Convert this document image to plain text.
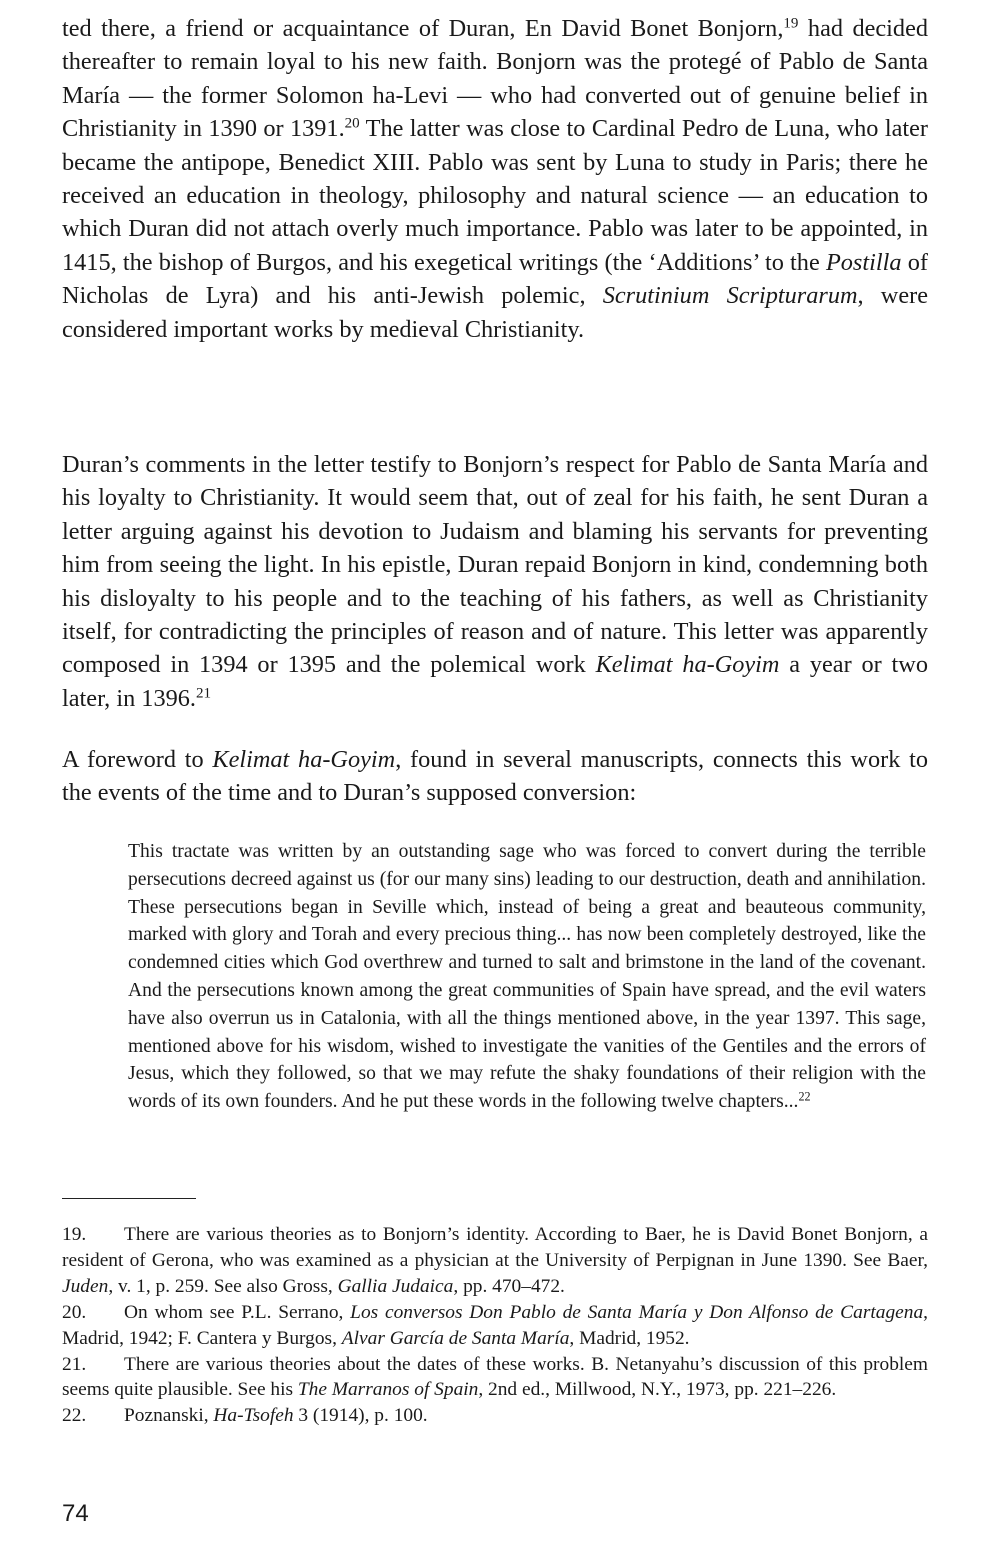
ted there, a friend or acquaintance of Duran, En David Bonet Bonjorn,$^{19}$ had decided thereafter to remain loyal to his new faith. Bonjorn was the protegé of Pablo de Santa María — the former Solomon ha-Levi — who had converted out of genuine belief in Christianity in 1390 or 1391.20 The latter was close to Cardinal Pedro de Luna, who later became the antipope, Benedict XIII. Pablo was sent by Luna to study in Paris; there he received an education in theology, philosophy and natural science — an education to which Duran did not attach overly much importance. Pablo was later to be appointed, in 1415, the bishop of Burgos, and his exegetical writings (the ‘Additions’ to the Postilla of Nicholas de Lyra) and his anti-Jewish polemic, Scrutinium Scripturarum, were considered important works by medieval Christianity.

Duran’s comments in the letter testify to Bonjorn’s respect for Pablo de Santa María and his loyalty to Christianity. It would seem that, out of zeal for his faith, he sent Duran a letter arguing against his devotion to Judaism and blaming his servants for preventing him from seeing the light. In his epistle, Duran repaid Bonjorn in kind, condemning both his disloyalty to his people and to the teaching of his fathers, as well as Christianity itself, for contradicting the principles of reason and of nature. This letter was apparently composed in 1394 or 1395 and the polemical work Kelimat ha-Goyim a year or two later, in 1396.21

A foreword to Kelimat ha-Goyim, found in several manuscripts, connects this work to the events of the time and to Duran’s supposed conversion:

This tractate was written by an outstanding sage who was forced to convert during the terrible persecutions decreed against us (for our many sins) leading to our destruction, death and annihilation. These persecutions began in Seville which, instead of being a great and beauteous community, marked with glory and Torah and every precious thing... has now been completely destroyed, like the condemned cities which God overthrew and turned to salt and brimstone in the land of the covenant. And the persecutions known among the great communities of Spain have spread, and the evil waters have also overrun us in Catalonia, with all the things mentioned above, in the year 1397. This sage, mentioned above for his wisdom, wished to investigate the vanities of the Gentiles and the errors of Jesus, which they followed, so that we may refute the shaky foundations of their religion with the words of its own founders. And he put these words in the following twelve chapters...$^{22}$

19. There are various theories as to Bonjorn’s identity. According to Baer, he is David Bonet Bonjorn, a resident of Gerona, who was examined as a physician at the University of Perpignan in June 1390. See Baer, Juden, v. 1, p. 259. See also Gross, Gallia Judaica, pp. 470–472.

20. On whom see P.L. Serrano, Los conversos Don Pablo de Santa María y Don Alfonso de Cartagena, Madrid, 1942; F. Cantera y Burgos, Alvar García de Santa María, Madrid, 1952.

21. There are various theories about the dates of these works. B. Netanyahu’s discussion of this problem seems quite plausible. See his The Marranos of Spain, 2nd ed., Millwood, N.Y., 1973, pp. 221–226.

22. Poznanski, Ha-Tsofeh 3 (1914), p. 100.

74
